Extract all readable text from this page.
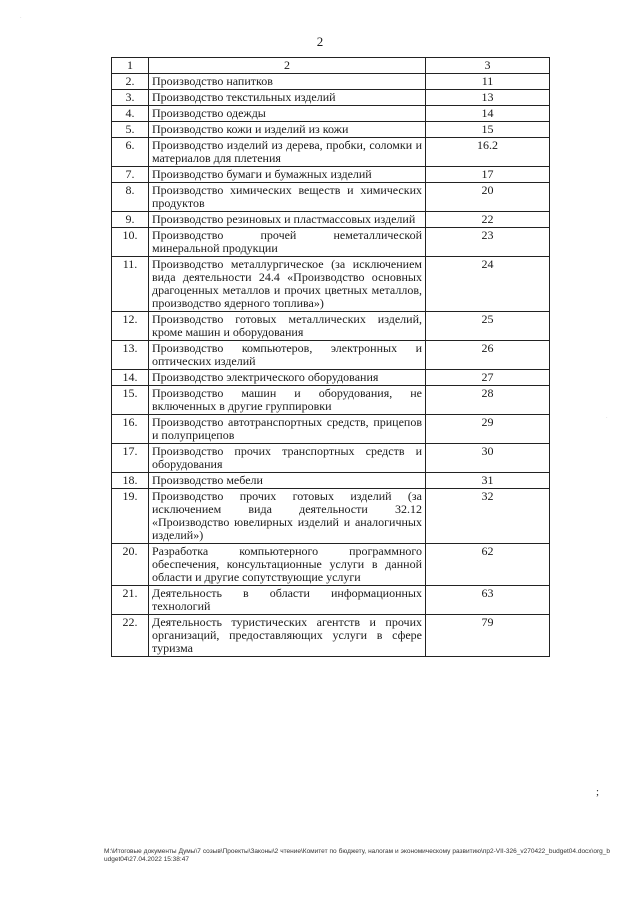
2
1	2	3
2.	Производство напитков	11
3.	Производство текстильных изделий	13
4.	Производство одежды	14
5.	Производство кожи и изделий из кожи	15
6.	Производство изделий из дерева, пробки, соломки и материалов для плетения	16.2
7.	Производство бумаги и бумажных изделий	17
8.	Производство химических веществ и химических продуктов	20
9.	Производство резиновых и пластмассовых изделий	22
10.	Производство прочей неметаллической минеральной продукции	23
11.	Производство металлургическое (за исключением вида деятельности 24.4 «Производство основных драгоценных металлов и прочих цветных металлов, производство ядерного топлива»)	24
12.	Производство готовых металлических изделий, кроме машин и оборудования	25
13.	Производство компьютеров, электронных и оптических изделий	26
14.	Производство электрического оборудования	27
15.	Производство машин и оборудования, не включенных в другие группировки	28
16.	Производство автотранспортных средств, прицепов и полуприцепов	29
17.	Производство прочих транспортных средств и оборудования	30
18.	Производство мебели	31
19.	Производство прочих готовых изделий (за исключением вида деятельности 32.12 «Производство ювелирных изделий и аналогичных изделий»)	32
20.	Разработка компьютерного программного обеспечения, консультационные услуги в данной области и другие сопутствующие услуги	62
21.	Деятельность в области информационных технологий	63
22.	Деятельность туристических агентств и прочих организаций, предоставляющих услуги в сфере туризма	79
;
M:\Итоговые документы Думы\7 созыв\Проекты\Законы\2 чтение\Комитет по бюджету, налогам и экономическому развитию\пр2-VII-326_v270422_budget04.docx\org_budget04\27.04.2022 15:38:47
·
·
